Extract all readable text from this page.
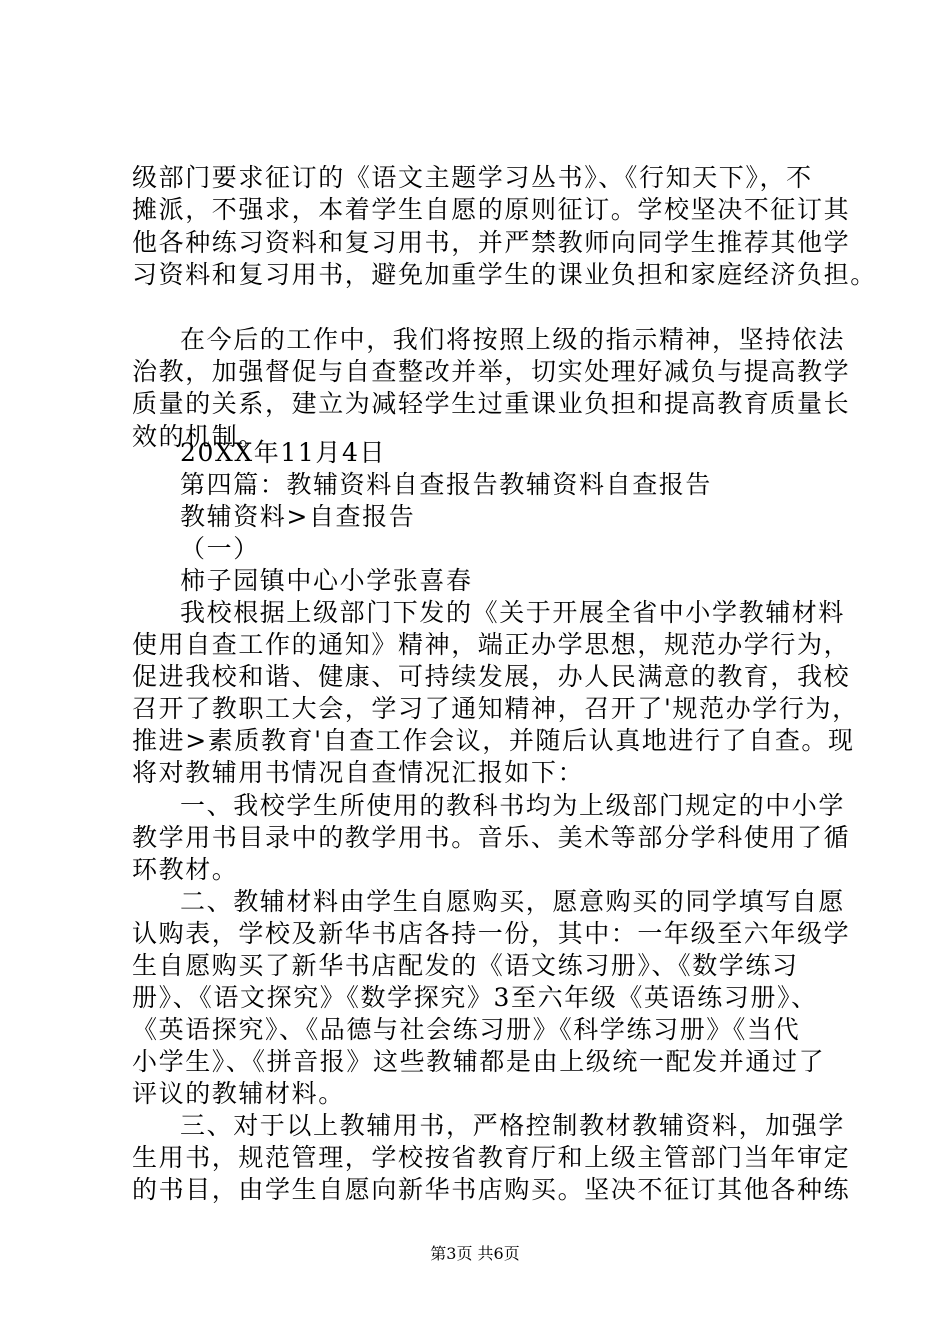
级部门要求征订的《语文主题学习丛书》、《行知天下》，不
摊派，不强求，本着学生自愿的原则征订。学校坚决不征订其
他各种练习资料和复习用书，并严禁教师向同学生推荐其他学
习资料和复习用书，避免加重学生的课业负担和家庭经济负担。
在今后的工作中，我们将按照上级的指示精神，坚持依法
治教，加强督促与自查整改并举，切实处理好减负与提高教学
质量的关系，建立为减轻学生过重课业负担和提高教育质量长
效的机制。
20XX年11月4日
第四篇：教辅资料自查报告教辅资料自查报告
教辅资料>自查报告
（一）
柿子园镇中心小学张喜春
我校根据上级部门下发的《关于开展全省中小学教辅材料
使用自查工作的通知》精神，端正办学思想，规范办学行为，
促进我校和谐、健康、可持续发展，办人民满意的教育，我校
召开了教职工大会，学习了通知精神，召开了'规范办学行为，
推进>素质教育'自查工作会议，并随后认真地进行了自查。现
将对教辅用书情况自查情况汇报如下：
一、我校学生所使用的教科书均为上级部门规定的中小学
教学用书目录中的教学用书。音乐、美术等部分学科使用了循
环教材。
二、教辅材料由学生自愿购买，愿意购买的同学填写自愿
认购表，学校及新华书店各持一份，其中：一年级至六年级学
生自愿购买了新华书店配发的《语文练习册》、《数学练习
册》、《语文探究》《数学探究》3至六年级《英语练习册》、
《英语探究》、《品德与社会练习册》《科学练习册》《当代
小学生》、《拼音报》这些教辅都是由上级统一配发并通过了
评议的教辅材料。
三、对于以上教辅用书，严格控制教材教辅资料，加强学
生用书，规范管理，学校按省教育厅和上级主管部门当年审定
的书目，由学生自愿向新华书店购买。坚决不征订其他各种练
第3页 共6页
